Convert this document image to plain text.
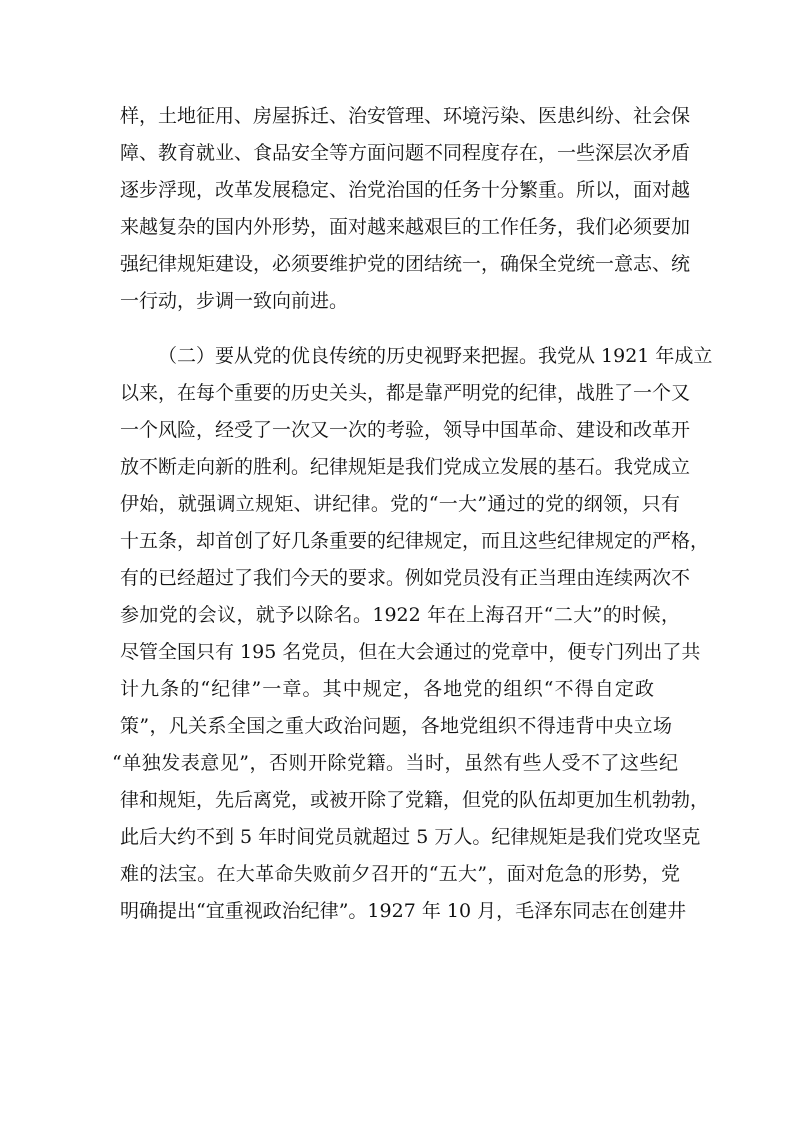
样，土地征用、房屋拆迁、治安管理、环境污染、医患纠纷、社会保
障、教育就业、食品安全等方面问题不同程度存在，一些深层次矛盾
逐步浮现，改革发展稳定、治党治国的任务十分繁重。所以，面对越
来越复杂的国内外形势，面对越来越艰巨的工作任务，我们必须要加
强纪律规矩建设，必须要维护党的团结统一，确保全党统一意志、统
一行动，步调一致向前进。
（二）要从党的优良传统的历史视野来把握。我党从 1921 年成立
以来，在每个重要的历史关头，都是靠严明党的纪律，战胜了一个又
一个风险，经受了一次又一次的考验，领导中国革命、建设和改革开
放不断走向新的胜利。纪律规矩是我们党成立发展的基石。我党成立
伊始，就强调立规矩、讲纪律。党的“一大”通过的党的纲领，只有
十五条，却首创了好几条重要的纪律规定，而且这些纪律规定的严格，
有的已经超过了我们今天的要求。例如党员没有正当理由连续两次不
参加党的会议，就予以除名。1922 年在上海召开“二大”的时候，
尽管全国只有 195 名党员，但在大会通过的党章中，便专门列出了共
计九条的“纪律”一章。其中规定，各地党的组织“不得自定政
策”，凡关系全国之重大政治问题，各地党组织不得违背中央立场
“单独发表意见”，否则开除党籍。当时，虽然有些人受不了这些纪
律和规矩，先后离党，或被开除了党籍，但党的队伍却更加生机勃勃，
此后大约不到 5 年时间党员就超过 5 万人。纪律规矩是我们党攻坚克
难的法宝。在大革命失败前夕召开的“五大”，面对危急的形势，党
明确提出“宜重视政治纪律”。1927 年 10 月，毛泽东同志在创建井
